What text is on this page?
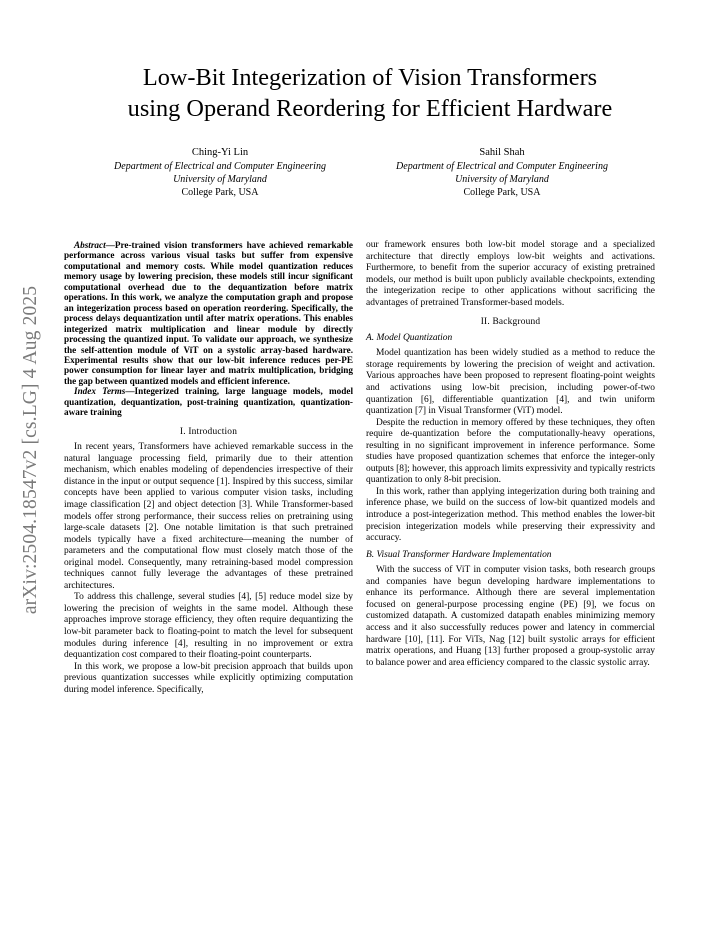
arXiv:2504.18547v2 [cs.LG] 4 Aug 2025
Low-Bit Integerization of Vision Transformers
using Operand Reordering for Efficient Hardware
Ching-Yi Lin
Department of Electrical and Computer Engineering
University of Maryland
College Park, USA
Sahil Shah
Department of Electrical and Computer Engineering
University of Maryland
College Park, USA

Abstract—Pre-trained vision transformers have achieved remarkable performance across various visual tasks but suffer from expensive computational and memory costs. While model quantization reduces memory usage by lowering precision, these models still incur significant computational overhead due to the dequantization before matrix operations. In this work, we analyze the computation graph and propose an integerization process based on operation reordering. Specifically, the process delays dequantization until after matrix operations. This enables integerized matrix multiplication and linear module by directly processing the quantized input. To validate our approach, we synthesize the self-attention module of ViT on a systolic array-based hardware. Experimental results show that our low-bit inference reduces per-PE power consumption for linear layer and matrix multiplication, bridging the gap between quantized models and efficient inference.

Index Terms—Integerized training, large language models, model quantization, dequantization, post-training quantization, quantization-aware training

I. Introduction

In recent years, Transformers have achieved remarkable success in the natural language processing field, primarily due to their attention mechanism, which enables modeling of dependencies irrespective of their distance in the input or output sequence [1]. Inspired by this success, similar concepts have been applied to various computer vision tasks, including image classification [2] and object detection [3]. While Transformer-based models offer strong performance, their success relies on pretraining using large-scale datasets [2]. One notable limitation is that such pretrained models typically have a fixed architecture—meaning the number of parameters and the computational flow must closely match those of the original model. Consequently, many retraining-based model compression techniques cannot fully leverage the advantages of these pretrained architectures.

To address this challenge, several studies [4], [5] reduce model size by lowering the precision of weights in the same model. Although these approaches improve storage efficiency, they often require dequantizing the low-bit parameter back to floating-point to match the level for subsequent modules during inference [4], resulting in no improvement or extra dequantization cost compared to their floating-point counterparts.

In this work, we propose a low-bit precision approach that builds upon previous quantization successes while explicitly optimizing computation during model inference. Specifically,

our framework ensures both low-bit model storage and a specialized architecture that directly employs low-bit weights and activations. Furthermore, to benefit from the superior accuracy of existing pretrained models, our method is built upon publicly available checkpoints, extending the integerization recipe to other applications without sacrificing the advantages of pretrained Transformer-based models.

II. Background
A. Model Quantization

Model quantization has been widely studied as a method to reduce the storage requirements by lowering the precision of weight and activation. Various approaches have been proposed to represent floating-point weights and activations using low-bit precision, including power-of-two quantization [6], differentiable quantization [4], and twin uniform quantization [7] in Visual Transformer (ViT) model.

Despite the reduction in memory offered by these techniques, they often require de-quantization before the computationally-heavy operations, resulting in no significant improvement in inference performance. Some studies have proposed quantization schemes that enforce the integer-only outputs [8]; however, this approach limits expressivity and typically restricts quantization to only 8-bit precision.

In this work, rather than applying integerization during both training and inference phase, we build on the success of low-bit quantized models and introduce a post-integerization method. This method enables the lower-bit precision integerization models while preserving their expressivity and accuracy.

B. Visual Transformer Hardware Implementation

With the success of ViT in computer vision tasks, both research groups and companies have begun developing hardware implementations to enhance its performance. Although there are several implementation focused on general-purpose processing engine (PE) [9], we focus on customized datapath. A customized datapath enables minimizing memory access and it also successfully reduces power and latency in commercial hardware [10], [11]. For ViTs, Nag [12] built systolic arrays for efficient matrix operations, and Huang [13] further proposed a group-systolic array to balance power and area efficiency compared to the classic systolic array.
